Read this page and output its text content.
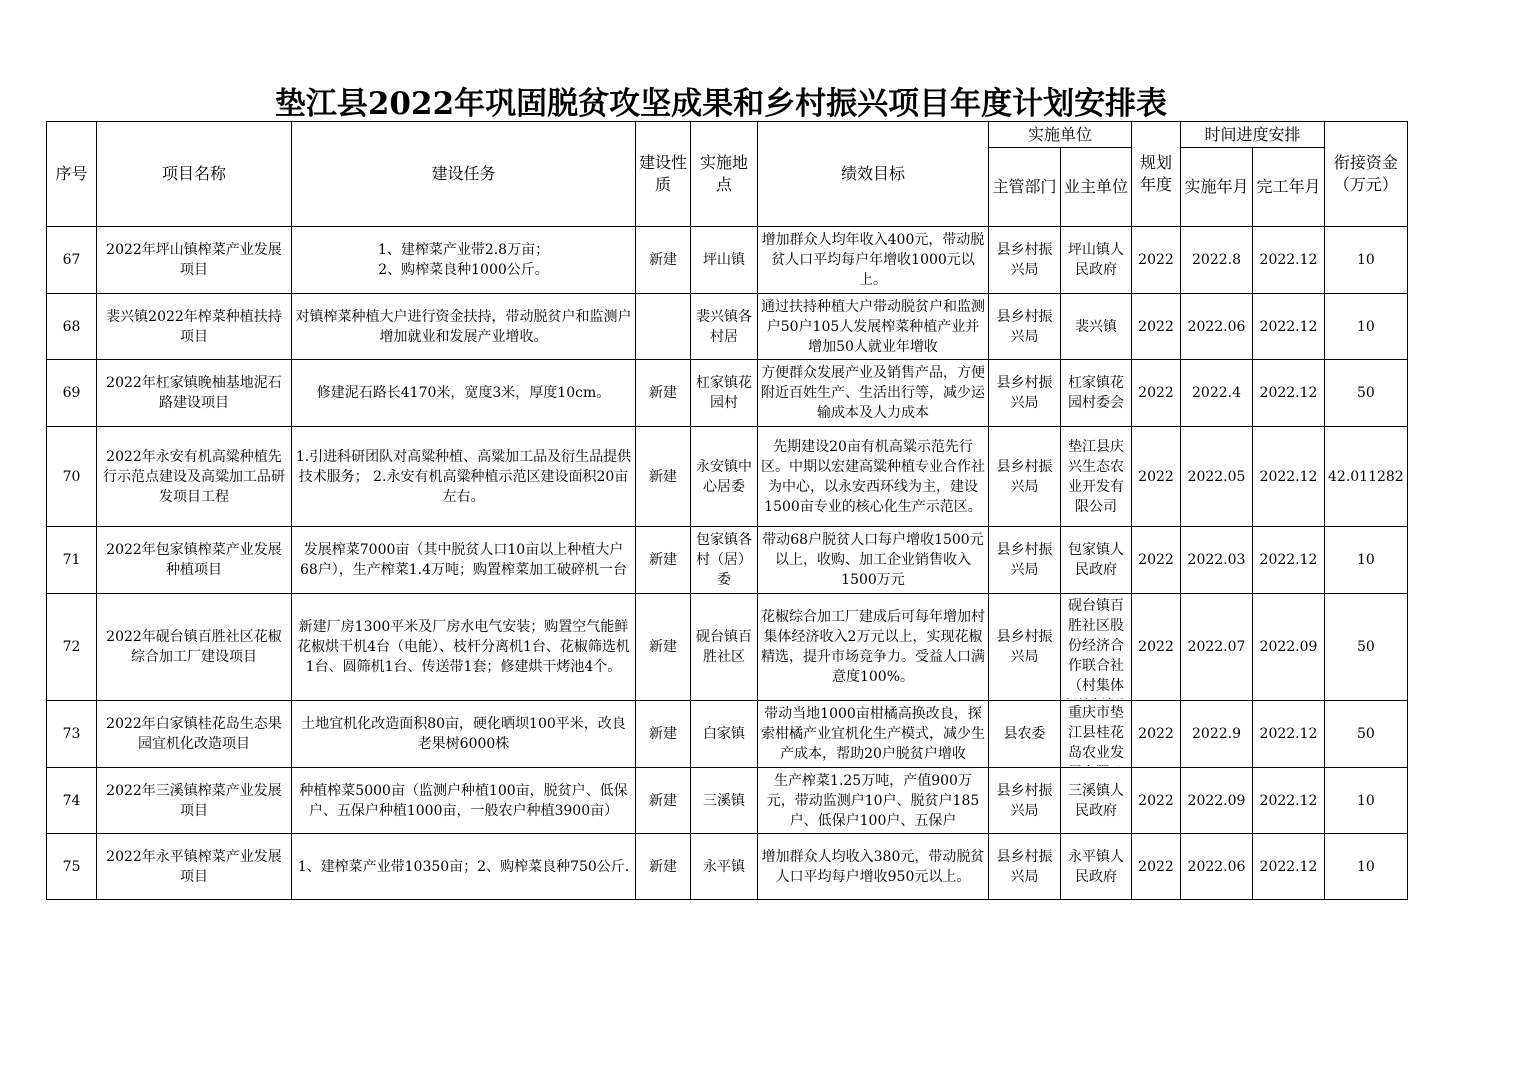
垫江县2022年巩固脱贫攻坚成果和乡村振兴项目年度计划安排表
序号	项目名称	建设任务	建设性质	实施地点	绩效目标	实施单位		规划年度	时间进度安排		衔接资金（万元）
						主管部门	业主单位		实施年月	完工年月	

67	2022年坪山镇榨菜产业发展项目	1、建榨菜产业带2.8万亩；
2、购榨菜良种1000公斤。	新建	坪山镇	增加群众人均年收入400元，带动脱贫人口平均每户年增收1000元以上。	县乡村振兴局	坪山镇人民政府	2022	2022.8	2022.12	10

68	裴兴镇2022年榨菜种植扶持项目	对镇榨菜种植大户进行资金扶持，带动脱贫户和监测户增加就业和发展产业增收。		裴兴镇各村居	通过扶持种植大户带动脱贫户和监测户50户105人发展榨菜种植产业并增加50人就业年增收	县乡村振兴局	裴兴镇	2022	2022.06	2022.12	10

69	2022年杠家镇晚柚基地泥石路建设项目	修建泥石路长4170米，宽度3米，厚度10cm。	新建	杠家镇花园村	方便群众发展产业及销售产品，方便附近百姓生产、生活出行等，减少运输成本及人力成本	县乡村振兴局	杠家镇花园村委会	2022	2022.4	2022.12	50

70	2022年永安有机高粱种植先行示范点建设及高粱加工品研发项目工程	1.引进科研团队对高粱种植、高粱加工品及衍生品提供技术服务； 2.永安有机高粱种植示范区建设面积20亩左右。	新建	永安镇中心居委	先期建设20亩有机高粱示范先行区。中期以宏建高粱种植专业合作社为中心，以永安西环线为主，建设1500亩专业的核心化生产示范区。	县乡村振兴局	垫江县庆兴生态农业开发有限公司	2022	2022.05	2022.12	42.011282

71	2022年包家镇榨菜产业发展种植项目	发展榨菜7000亩（其中脱贫人口10亩以上种植大户68户），生产榨菜1.4万吨；购置榨菜加工破碎机一台	新建	包家镇各村（居）委	带动68户脱贫人口每户增收1500元以上，收购、加工企业销售收入1500万元	县乡村振兴局	包家镇人民政府	2022	2022.03	2022.12	10

72	2022年砚台镇百胜社区花椒综合加工厂建设项目	新建厂房1300平米及厂房水电气安装；购置空气能鲜花椒烘干机4台（电能）、枝杆分离机1台、花椒筛选机1台、圆筛机1台、传送带1套；修建烘干烤池4个。	新建	砚台镇百胜社区	花椒综合加工厂建成后可每年增加村集体经济收入2万元以上，实现花椒精选，提升市场竞争力。受益人口满意度100%。	县乡村振兴局	砚台镇百胜社区股份经济合作联合社（村集体	2022	2022.07	2022.09	50

73	2022年白家镇桂花岛生态果园宜机化改造项目	土地宜机化改造面积80亩，硬化晒坝100平米，改良老果树6000株	新建	白家镇	带动当地1000亩柑橘高换改良，探索柑橘产业宜机化生产模式，减少生产成本，帮助20户脱贫户增收	县农委	重庆市垫江县桂花岛农业发	2022	2022.9	2022.12	50

74	2022年三溪镇榨菜产业发展项目	种植榨菜5000亩（监测户种植100亩，脱贫户、低保户、五保户种植1000亩，一般农户种植3900亩）	新建	三溪镇	生产榨菜1.25万吨，产值900万元，带动监测户10户、脱贫户185户、低保户100户、五保户	县乡村振兴局	三溪镇人民政府	2022	2022.09	2022.12	10

75	2022年永平镇榨菜产业发展项目	1、建榨菜产业带10350亩；2、购榨菜良种750公斤.	新建	永平镇	增加群众人均收入380元，带动脱贫人口平均每户增收950元以上。	县乡村振兴局	永平镇人民政府	2022	2022.06	2022.12	10
